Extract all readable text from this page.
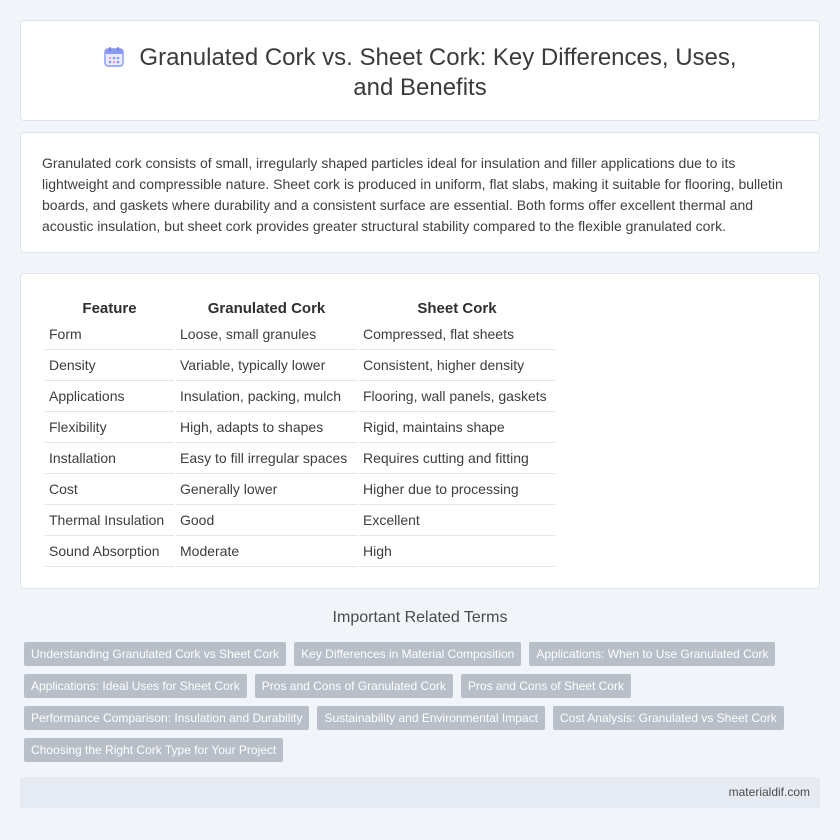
Granulated Cork vs. Sheet Cork: Key Differences, Uses, and Benefits

Granulated cork consists of small, irregularly shaped particles ideal for insulation and filler applications due to its lightweight and compressible nature. Sheet cork is produced in uniform, flat slabs, making it suitable for flooring, bulletin boards, and gaskets where durability and a consistent surface are essential. Both forms offer excellent thermal and acoustic insulation, but sheet cork provides greater structural stability compared to the flexible granulated cork.

Feature	Granulated Cork	Sheet Cork
Form	Loose, small granules	Compressed, flat sheets
Density	Variable, typically lower	Consistent, higher density
Applications	Insulation, packing, mulch	Flooring, wall panels, gaskets
Flexibility	High, adapts to shapes	Rigid, maintains shape
Installation	Easy to fill irregular spaces	Requires cutting and fitting
Cost	Generally lower	Higher due to processing
Thermal Insulation	Good	Excellent
Sound Absorption	Moderate	High
Important Related Terms
Understanding Granulated Cork vs Sheet Cork	Key Differences in Material Composition	Applications: When to Use Granulated Cork
Applications: Ideal Uses for Sheet Cork	Pros and Cons of Granulated Cork	Pros and Cons of Sheet Cork
Performance Comparison: Insulation and Durability	Sustainability and Environmental Impact	Cost Analysis: Granulated vs Sheet Cork
Choosing the Right Cork Type for Your Project
materialdif.com
